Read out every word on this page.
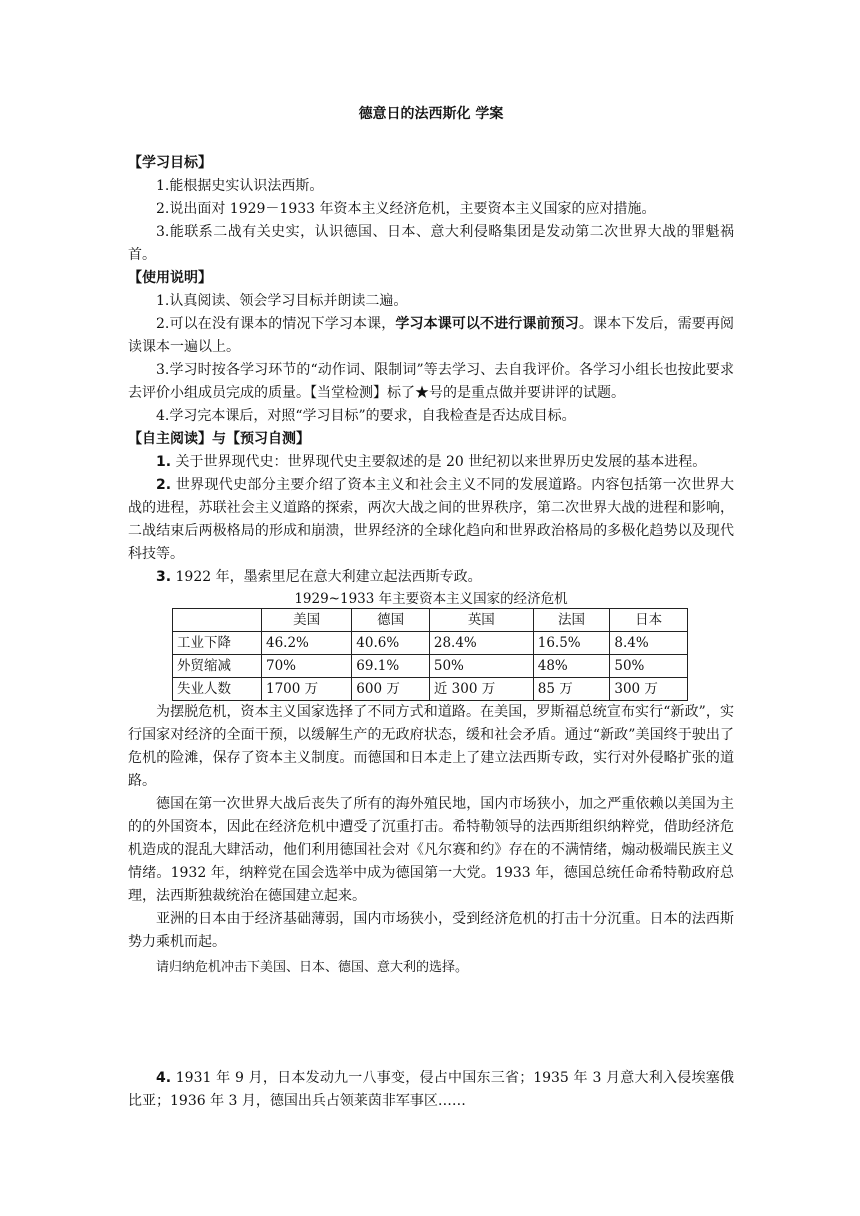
德意日的法西斯化 学案
【学习目标】

1.能根据史实认识法西斯。

2.说出面对 1929－1933 年资本主义经济危机，主要资本主义国家的应对措施。

3.能联系二战有关史实，认识德国、日本、意大利侵略集团是发动第二次世界大战的罪魁祸首。

【使用说明】

1.认真阅读、领会学习目标并朗读二遍。

2.可以在没有课本的情况下学习本课，学习本课可以不进行课前预习。课本下发后，需要再阅读课本一遍以上。

3.学习时按各学习环节的“动作词、限制词”等去学习、去自我评价。各学习小组长也按此要求去评价小组成员完成的质量。【当堂检测】标了★号的是重点做并要讲评的试题。

4.学习完本课后，对照“学习目标”的要求，自我检查是否达成目标。

【自主阅读】与【预习自测】

1. 关于世界现代史：世界现代史主要叙述的是 20 世纪初以来世界历史发展的基本进程。

2. 世界现代史部分主要介绍了资本主义和社会主义不同的发展道路。内容包括第一次世界大战的进程，苏联社会主义道路的探索，两次大战之间的世界秩序，第二次世界大战的进程和影响，二战结束后两极格局的形成和崩溃，世界经济的全球化趋向和世界政治格局的多极化趋势以及现代科技等。

3. 1922 年，墨索里尼在意大利建立起法西斯专政。

1929~1933 年主要资本主义国家的经济危机
	美国	德国	英国	法国	日本
工业下降	46.2%	40.6%	28.4%	16.5%	8.4%
外贸缩减	70%	69.1%	50%	48%	50%
失业人数	1700 万	600 万	近 300 万	85 万	300 万

为摆脱危机，资本主义国家选择了不同方式和道路。在美国，罗斯福总统宣布实行“新政”，实行国家对经济的全面干预，以缓解生产的无政府状态，缓和社会矛盾。通过“新政”美国终于驶出了危机的险滩，保存了资本主义制度。而德国和日本走上了建立法西斯专政，实行对外侵略扩张的道路。

德国在第一次世界大战后丧失了所有的海外殖民地，国内市场狭小，加之严重依赖以美国为主的的外国资本，因此在经济危机中遭受了沉重打击。希特勒领导的法西斯组织纳粹党，借助经济危机造成的混乱大肆活动，他们利用德国社会对《凡尔赛和约》存在的不满情绪，煽动极端民族主义情绪。1932 年，纳粹党在国会选举中成为德国第一大党。1933 年，德国总统任命希特勒政府总理，法西斯独裁统治在德国建立起来。

亚洲的日本由于经济基础薄弱，国内市场狭小，受到经济危机的打击十分沉重。日本的法西斯势力乘机而起。

请归纳危机冲击下美国、日本、德国、意大利的选择。

4. 1931 年 9 月，日本发动九一八事变，侵占中国东三省；1935 年 3 月意大利入侵埃塞俄比亚；1936 年 3 月，德国出兵占领莱茵非军事区……
